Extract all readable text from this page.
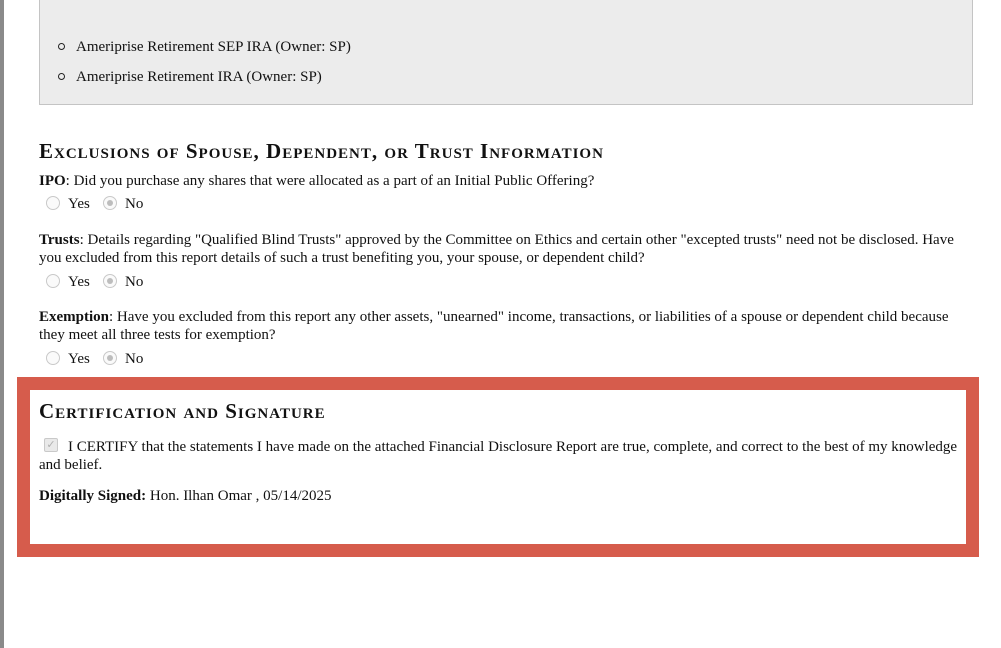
Ameriprise Retirement SEP IRA (Owner: SP)
Ameriprise Retirement IRA (Owner: SP)
Exclusions of Spouse, Dependent, or Trust Information

IPO: Did you purchase any shares that were allocated as a part of an Initial Public Offering?

Yes No

Trusts: Details regarding "Qualified Blind Trusts" approved by the Committee on Ethics and certain other "excepted trusts" need not be disclosed. Have you excluded from this report details of such a trust benefiting you, your spouse, or dependent child?

Yes No

Exemption: Have you excluded from this report any other assets, "unearned" income, transactions, or liabilities of a spouse or dependent child because they meet all three tests for exemption?

Yes No
Certification and Signature

I CERTIFY that the statements I have made on the attached Financial Disclosure Report are true, complete, and correct to the best of my knowledge and belief.

✓
Digitally Signed: Hon. Ilhan Omar , 05/14/2025
